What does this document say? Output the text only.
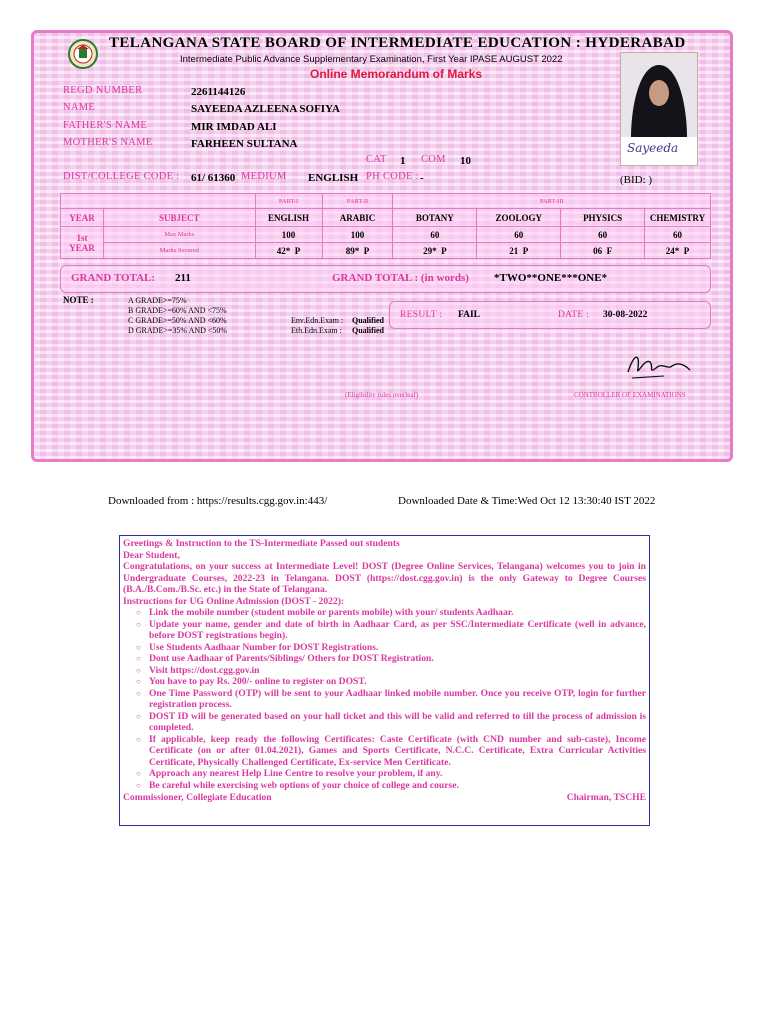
TELANGANA STATE BOARD OF INTERMEDIATE EDUCATION : HYDERABAD
Intermediate Public Advance Supplementary Examination, First Year IPASE AUGUST 2022
Online Memorandum of Marks
Sayeeda
REGD NUMBER	2261144126
NAME	SAYEEDA AZLEENA SOFIYA
FATHER'S NAME	MIR IMDAD ALI
MOTHER'S NAME	FARHEEN SULTANA
CAT 1 COM 10
DIST/COLLEGE CODE : 61/ 61360 MEDIUM ENGLISH PH CODE : -	(BID: )
		PART-I	PART-II	PART-III			
YEAR	SUBJECT	ENGLISH	ARABIC	BOTANY	ZOOLOGY	PHYSICS	CHEMISTRY
1st
YEAR	Max Marks	100	100	60	60	60	60
	Marks Secured	42*  P	89*  P	29*  P	21  P	06  F	24*  P
GRAND TOTAL: 211	GRAND TOTAL : (in words) *TWO**ONE***ONE*
NOTE :	A GRADE>=75%
B GRADE>=60% AND <75%
C GRADE>=50% AND <60%
D GRADE>=35% AND <50%
Env.Edn.Exam : Qualified
Eth.Edn.Exam : Qualified
RESULT : FAIL	DATE : 30-08-2022
(Eligibility rules overleaf)	CONTROLLER OF EXAMINATIONS
Downloaded from : https://results.cgg.gov.in:443/	Downloaded Date & Time:Wed Oct 12 13:30:40 IST 2022

Greetings & Instruction to the TS-Intermediate Passed out students

Dear Student,

Congratulations, on your success at Intermediate Level! DOST (Degree Online Services, Telangana) welcomes you to join in Undergraduate Courses, 2022-23 in Telangana. DOST (https://dost.cgg.gov.in) is the only Gateway to Degree Courses (B.A./B.Com./B.Sc. etc.) in the State of Telangana.

Instructions for UG Online Admission (DOST - 2022):

○ Link the mobile number (student mobile or parents mobile) with your/ students Aadhaar.
○ Update your name, gender and date of birth in Aadhaar Card, as per SSC/Intermediate Certificate (well in advance, before DOST registrations begin).
○ Use Students Aadhaar Number for DOST Registrations.
○ Dont use Aadhaar of Parents/Siblings/ Others for DOST Registration.
○ Visit https://dost.cgg.gov.in
○ You have to pay Rs. 200/- online to register on DOST.
○ One Time Password (OTP) will be sent to your Aadhaar linked mobile number. Once you receive OTP, login for further registration process.
○ DOST ID will be generated based on your hall ticket and this will be valid and referred to till the process of admission is completed.
○ If applicable, keep ready the following Certificates: Caste Certificate (with CND number and sub-caste), Income Certificate (on or after 01.04.2021), Games and Sports Certificate, N.C.C. Certificate, Extra Curricular Activities Certificate, Physically Challenged Certificate, Ex-service Men Certificate.
○ Approach any nearest Help Line Centre to resolve your problem, if any.
○ Be careful while exercising web options of your choice of college and course.
Commissioner, Collegiate Education	Chairman, TSCHE
